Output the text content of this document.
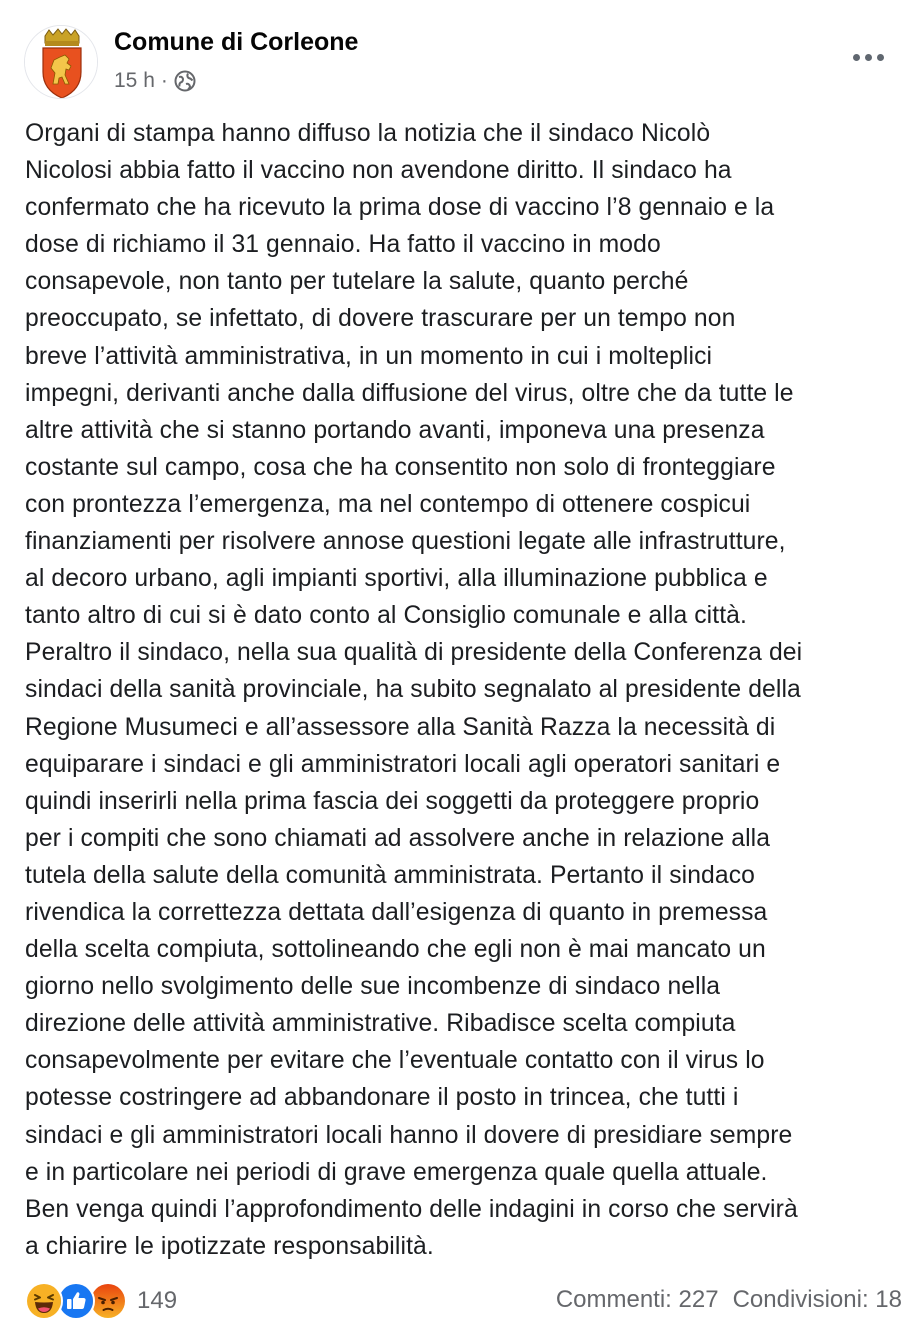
Comune di Corleone
15 h ·
Organi di stampa hanno diffuso la notizia che il sindaco Nicolò
Nicolosi abbia fatto il vaccino non avendone diritto. Il sindaco ha
confermato che ha ricevuto la prima dose di vaccino l’8 gennaio e la
dose di richiamo il 31 gennaio. Ha fatto il vaccino in modo
consapevole, non tanto per tutelare la salute, quanto perché
preoccupato, se infettato, di dovere trascurare per un tempo non
breve l’attività amministrativa, in un momento in cui i molteplici
impegni, derivanti anche dalla diffusione del virus, oltre che da tutte le
altre attività che si stanno portando avanti, imponeva una presenza
costante sul campo, cosa che ha consentito non solo di fronteggiare
con prontezza l’emergenza, ma nel contempo di ottenere cospicui
finanziamenti per risolvere annose questioni legate alle infrastrutture,
al decoro urbano, agli impianti sportivi, alla illuminazione pubblica e
tanto altro di cui si è dato conto al Consiglio comunale e alla città.
Peraltro il sindaco, nella sua qualità di presidente della Conferenza dei
sindaci della sanità provinciale, ha subito segnalato al presidente della
Regione Musumeci e all’assessore alla Sanità Razza la necessità di
equiparare i sindaci e gli amministratori locali agli operatori sanitari e
quindi inserirli nella prima fascia dei soggetti da proteggere proprio
per i compiti che sono chiamati ad assolvere anche in relazione alla
tutela della salute della comunità amministrata. Pertanto il sindaco
rivendica la correttezza dettata dall’esigenza di quanto in premessa
della scelta compiuta, sottolineando che egli non è mai mancato un
giorno nello svolgimento delle sue incombenze di sindaco nella
direzione delle attività amministrative. Ribadisce scelta compiuta
consapevolmente per evitare che l’eventuale contatto con il virus lo
potesse costringere ad abbandonare il posto in trincea, che tutti i
sindaci e gli amministratori locali hanno il dovere di presidiare sempre
e in particolare nei periodi di grave emergenza quale quella attuale.
Ben venga quindi l’approfondimento delle indagini in corso che servirà
a chiarire le ipotizzate responsabilità.
149	Commenti: 227 Condivisioni: 18
